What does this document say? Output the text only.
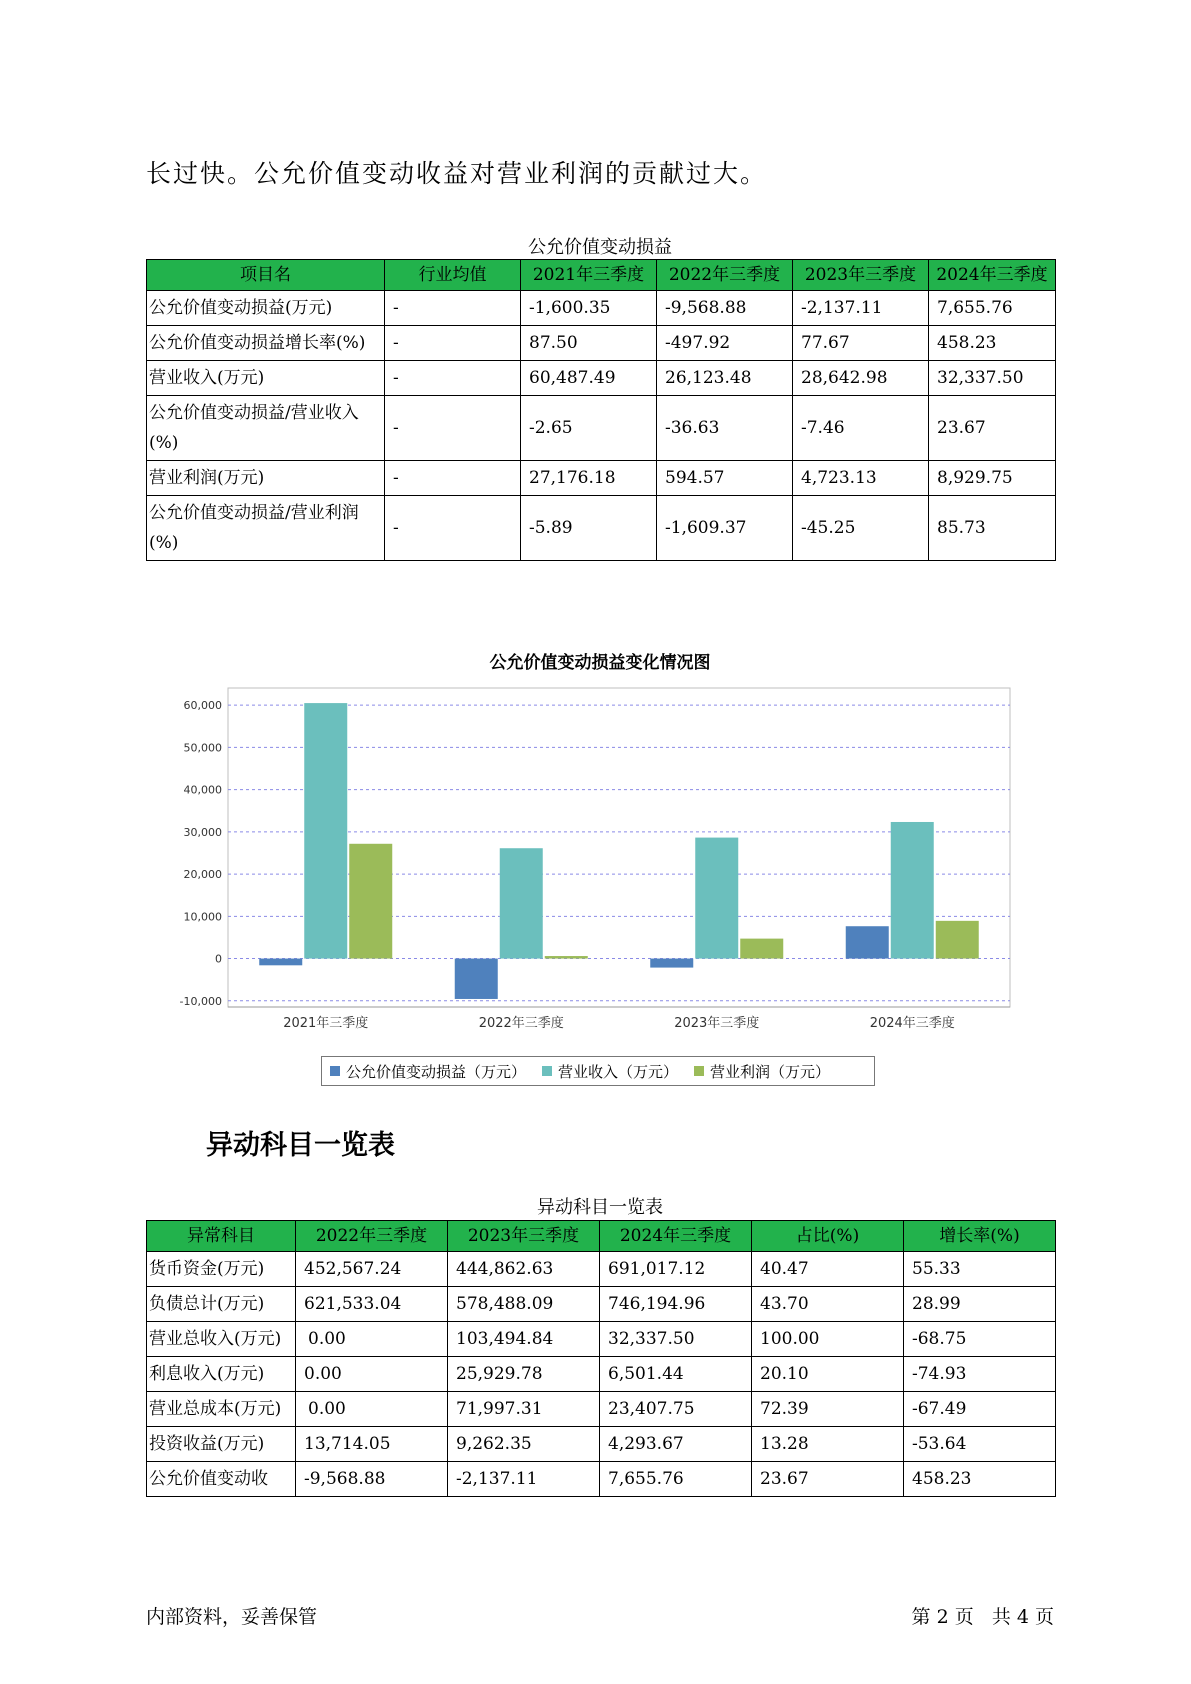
长过快。公允价值变动收益对营业利润的贡献过大。
公允价值变动损益
项目名	行业均值	2021年三季度	2022年三季度	2023年三季度	2024年三季度
公允价值变动损益(万元)	-	-1,600.35	-9,568.88	-2,137.11	7,655.76
公允价值变动损益增长率(%)	-	87.50	-497.92	77.67	458.23
营业收入(万元)	-	60,487.49	26,123.48	28,642.98	32,337.50
公允价值变动损益/营业收入(%)	-	-2.65	-36.63	-7.46	23.67
营业利润(万元)	-	27,176.18	594.57	4,723.13	8,929.75
公允价值变动损益/营业利润(%)	-	-5.89	-1,609.37	-45.25	85.73
公允价值变动损益变化情况图
60,000
50,000
40,000
30,000
20,000
10,000
0
-10,000
2021年三季度	2022年三季度	2023年三季度	2024年三季度
公允价值变动损益（万元） 营业收入（万元） 营业利润（万元）
异动科目一览表
异动科目一览表
异常科目	2022年三季度	2023年三季度	2024年三季度	占比(%)	增长率(%)
货币资金(万元)	452,567.24	444,862.63	691,017.12	40.47	55.33
负债总计(万元)	621,533.04	578,488.09	746,194.96	43.70	28.99
营业总收入(万元)	0.00	103,494.84	32,337.50	100.00	-68.75
利息收入(万元)	0.00	25,929.78	6,501.44	20.10	-74.93
营业总成本(万元)	0.00	71,997.31	23,407.75	72.39	-67.49
投资收益(万元)	13,714.05	9,262.35	4,293.67	13.28	-53.64
公允价值变动收	-9,568.88	-2,137.11	7,655.76	23.67	458.23
内部资料，妥善保管	第 2 页   共 4 页
